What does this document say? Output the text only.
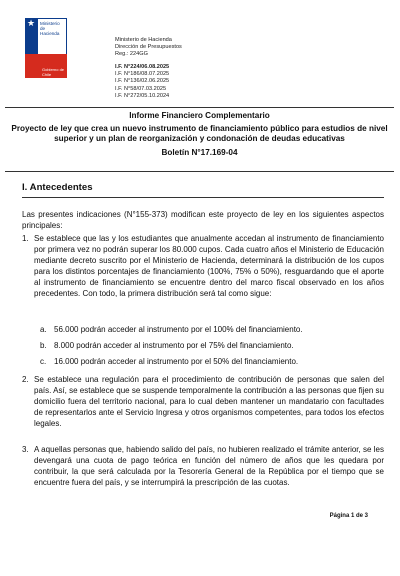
★ Ministerio de
Hacienda
Gobierno de Chile
Ministerio de Hacienda
Dirección de Presupuestos
Reg.: 224GG
I.F. N°224/06.08.2025
I.F. N°186/08.07.2025
I.F. N°136/02.06.2025
I.F. N°58/07.03.2025
I.F. N°272/05.10.2024
Informe Financiero Complementario
Proyecto de ley que crea un nuevo instrumento de financiamiento público para estudios de nivel superior y un plan de reorganización y condonación de deudas educativas
Boletín N°17.169-04
I. Antecedentes
Las presentes indicaciones (N°155-373) modifican este proyecto de ley en los siguientes aspectos principales:
1. Se establece que las y los estudiantes que anualmente accedan al instrumento de financiamiento por primera vez no podrán superar los 80.000 cupos. Cada cuatro años el Ministerio de Educación mediante decreto suscrito por el Ministerio de Hacienda, determinará la distribución de los cupos para los distintos porcentajes de financiamiento (100%, 75% o 50%), resguardando que el aporte al instrumento de financiamiento se encuentre dentro del marco fiscal observado en los años precedentes. Con todo, la primera distribución será tal como sigue:
a. 56.000 podrán acceder al instrumento por el 100% del financiamiento.
b. 8.000 podrán acceder al instrumento por el 75% del financiamiento.
c. 16.000 podrán acceder al instrumento por el 50% del financiamiento.
2. Se establece una regulación para el procedimiento de contribución de personas que salen del país. Así, se establece que se suspende temporalmente la contribución a las personas que fijen su domicilio fuera del territorio nacional, para lo cual deben mantener un mandatario con facultades de representarlos ante el Servicio Ingresa y otros organismos competentes, para todos los efectos legales.
3. A aquellas personas que, habiendo salido del país, no hubieren realizado el trámite anterior, se les devengará una cuota de pago teórica en función del número de años que les quedara por contribuir, la que será calculada por la Tesorería General de la República por el tiempo que se encuentre fuera del país, y se interrumpirá la prescripción de las cuotas.
Página 1 de 3
